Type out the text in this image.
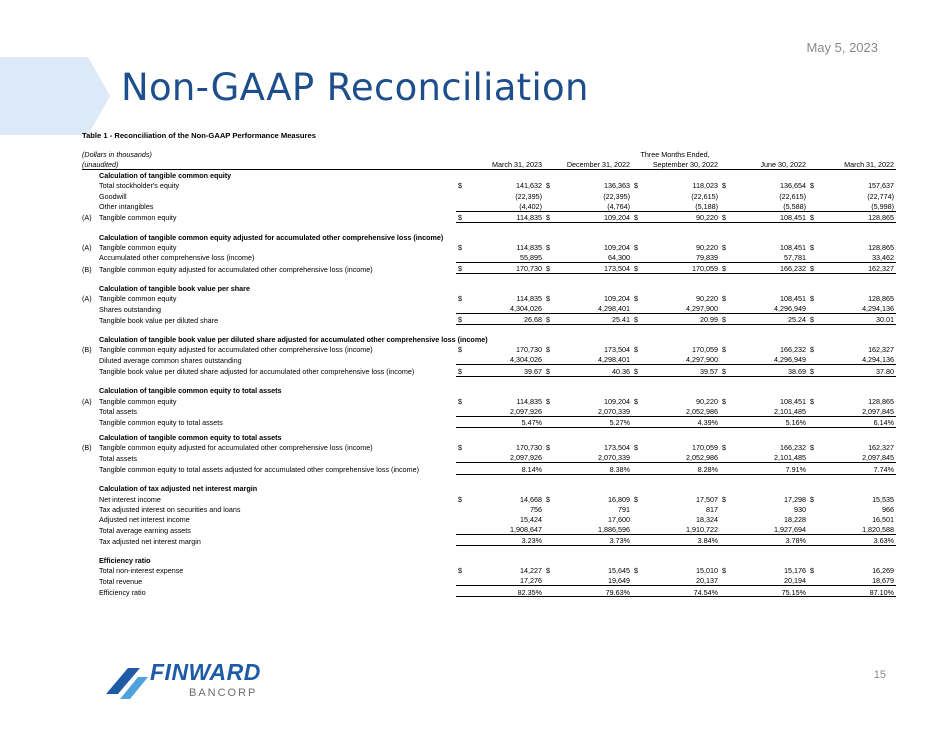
May 5, 2023
Non-GAAP Reconciliation
Table 1 - Reconciliation of the Non-GAAP Performance Measures											

(Dollars in thousands)		Three Months Ended,									
(unaudited)		March 31, 2023		December 31, 2022		September 30, 2022		June 30, 2022		March 31, 2022	
Calculation of tangible common equity											
	Total stockholder's equity	$	141,632	$	136,363	$	118,023	$	136,654	$	157,637
	Goodwill		(22,395)		(22,395)		(22,615)		(22,615)		(22,774)
	Other intangibles		(4,402)		(4,764)		(5,188)		(5,588)		(5,998)
(A)	Tangible common equity	$	114,835	$	109,204	$	90,220	$	108,451	$	128,865

Calculation of tangible common equity adjusted for accumulated other comprehensive loss (income)											
(A)	Tangible common equity	$	114,835	$	109,204	$	90,220	$	108,451	$	128,865
	Accumulated other comprehensive loss (income)		55,895		64,300		79,839		57,781		33,462
(B)	Tangible common equity adjusted for accumulated other comprehensive loss (income)	$	170,730	$	173,504	$	170,059	$	166,232	$	162,327

Calculation of tangible book value per share											
(A)	Tangible common equity	$	114,835	$	109,204	$	90,220	$	108,451	$	128,865
	Shares outstanding		4,304,026		4,298,401		4,297,900		4,296,949		4,294,136
	Tangible book value per diluted share	$	26.68	$	25.41	$	20.99	$	25.24	$	30.01

Calculation of tangible book value per diluted share adjusted for accumulated other comprehensive loss (income)											
(B)	Tangible common equity adjusted for accumulated other comprehensive loss (income)	$	170,730	$	173,504	$	170,059	$	166,232	$	162,327
	Diluted average common shares outstanding		4,304,026		4,298,401		4,297,900		4,296,949		4,294,136
	Tangible book value per diluted share adjusted for accumulated other comprehensive loss (income)	$	39.67	$	40.36	$	39.57	$	38.69	$	37.80

Calculation of tangible common equity to total assets											
(A)	Tangible common equity	$	114,835	$	109,204	$	90,220	$	108,451	$	128,865
	Total assets		2,097,926		2,070,339		2,052,986		2,101,485		2,097,845
	Tangible common equity to total assets		5.47%		5.27%		4.39%		5.16%		6.14%

Calculation of tangible common equity to total assets											
(B)	Tangible common equity adjusted for accumulated other comprehensive loss (income)	$	170,730	$	173,504	$	170,059	$	166,232	$	162,327
	Total assets		2,097,926		2,070,339		2,052,986		2,101,485		2,097,845
	Tangible common equity to total assets adjusted for accumulated other comprehensive loss (income)		8.14%		8.38%		8.28%		7.91%		7.74%

Calculation of tax adjusted net interest margin											
	Net interest income	$	14,668	$	16,809	$	17,507	$	17,298	$	15,535
	Tax adjusted interest on securities and loans		756		791		817		930		966
	Adjusted net interest income		15,424		17,600		18,324		18,228		16,501
	Total average earning assets		1,908,647		1,886,596		1,910,722		1,927,694		1,820,588
	Tax adjusted net interest margin		3.23%		3.73%		3.84%		3.78%		3.63%

Efficiency ratio											
	Total non-interest expense	$	14,227	$	15,645	$	15,010	$	15,176	$	16,269
	Total revenue		17,276		19,649		20,137		20,194		18,679
	Efficiency ratio		82.35%		79.63%		74.54%		75.15%		87.10%
FINWARD
BANCORP
15
